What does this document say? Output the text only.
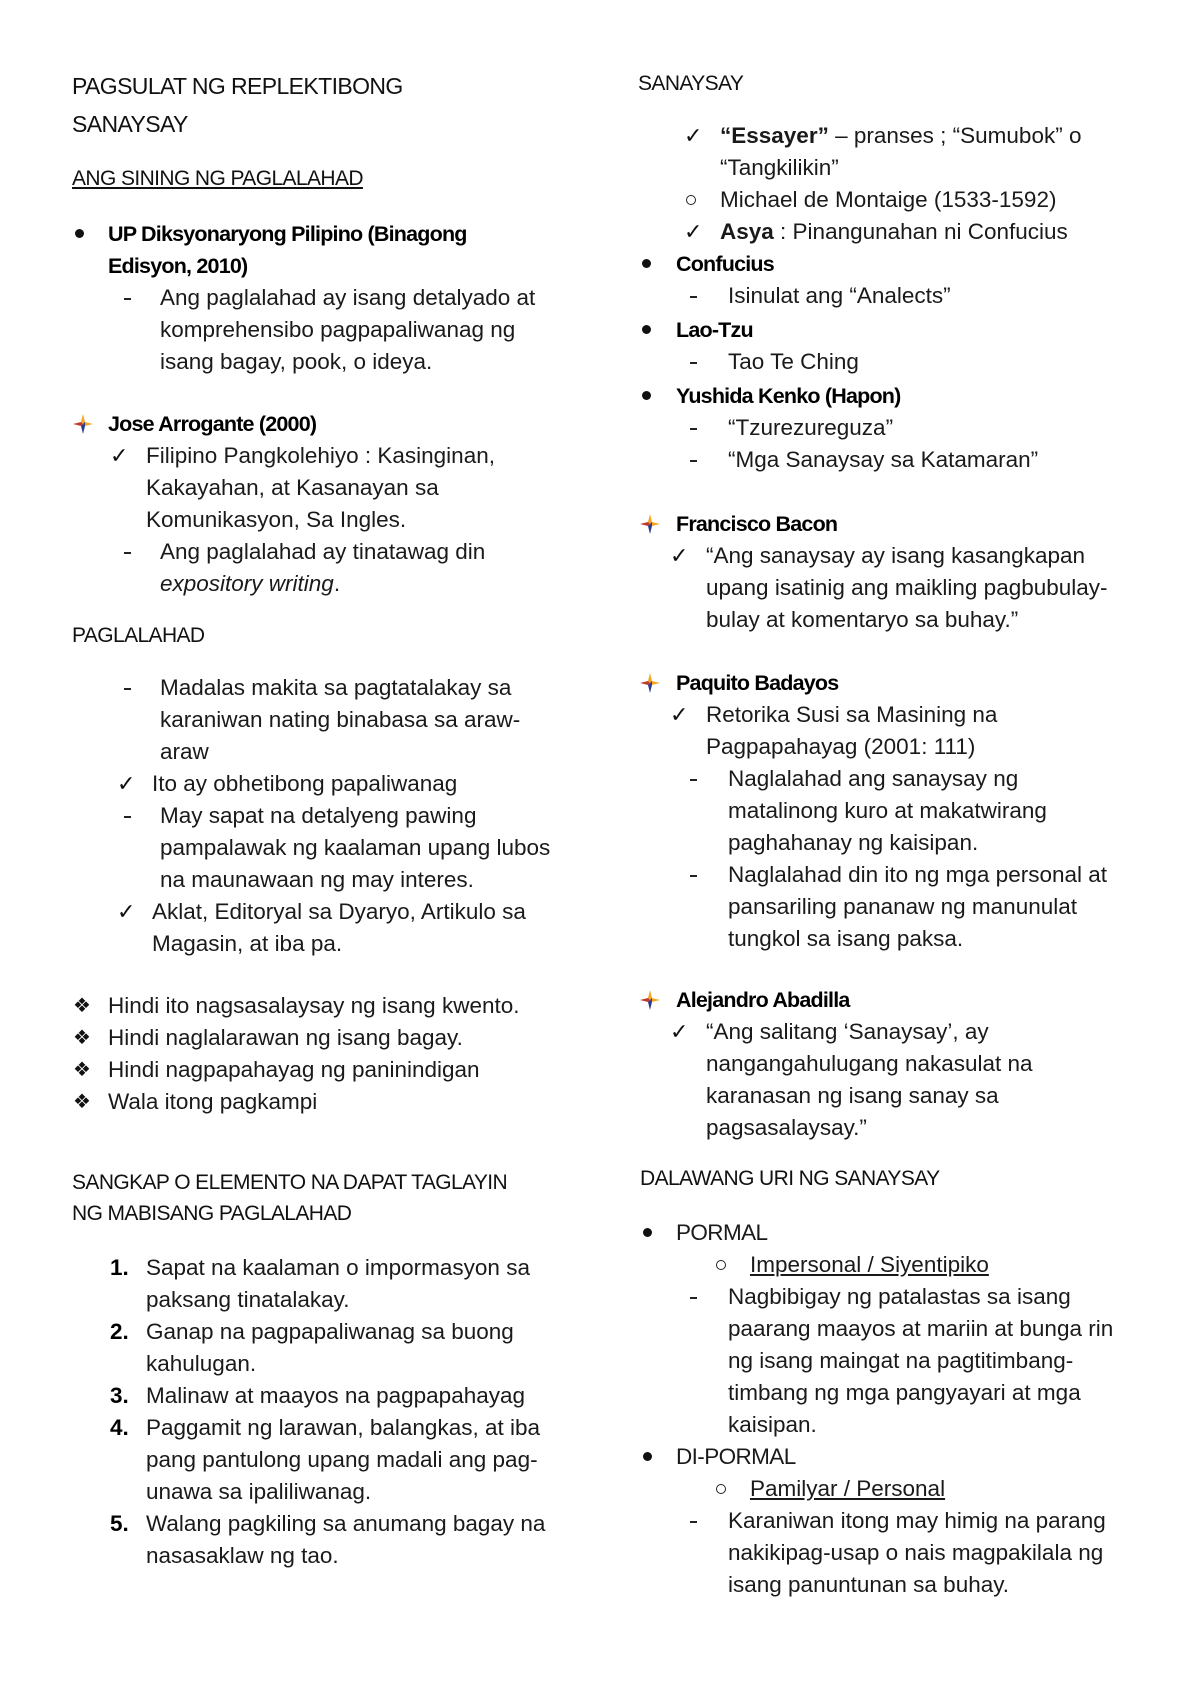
PAGSULAT NG REPLEKTIBONG
SANAYSAY
ANG SINING NG PAGLALAHAD
UP Diksyonaryong Pilipino (Binagong
Edisyon, 2010)
Ang paglalahad ay isang detalyado at
komprehensibo pagpapaliwanag ng
isang bagay, pook, o ideya.
Jose Arrogante (2000)
✓ Filipino Pangkolehiyo : Kasinginan,
Kakayahan, at Kasanayan sa
Komunikasyon, Sa Ingles.
Ang paglalahad ay tinatawag din
expository writing.
PAGLALAHAD
Madalas makita sa pagtatalakay sa
karaniwan nating binabasa sa araw-
araw
✓ Ito ay obhetibong papaliwanag
May sapat na detalyeng pawing
pampalawak ng kaalaman upang lubos
na maunawaan ng may interes.
✓ Aklat, Editoryal sa Dyaryo, Artikulo sa
Magasin, at iba pa.
❖ Hindi ito nagsasalaysay ng isang kwento.
❖ Hindi naglalarawan ng isang bagay.
❖ Hindi nagpapahayag ng paninindigan
❖ Wala itong pagkampi
SANGKAP O ELEMENTO NA DAPAT TAGLAYIN
NG MABISANG PAGLALAHAD
1. Sapat na kaalaman o impormasyon sa
paksang tinatalakay.
2. Ganap na pagpapaliwanag sa buong
kahulugan.
3. Malinaw at maayos na pagpapahayag
4. Paggamit ng larawan, balangkas, at iba
pang pantulong upang madali ang pag-
unawa sa ipaliliwanag.
5. Walang pagkiling sa anumang bagay na
nasasaklaw ng tao.
SANAYSAY
✓ “Essayer” – pranses ; “Sumubok” o
“Tangkilikin”
Michael de Montaige (1533-1592)
✓ Asya : Pinangunahan ni Confucius
Confucius
Isinulat ang “Analects”
Lao-Tzu
Tao Te Ching
Yushida Kenko (Hapon)
“Tzurezureguza”
“Mga Sanaysay sa Katamaran”
Francisco Bacon
✓ “Ang sanaysay ay isang kasangkapan
upang isatinig ang maikling pagbubulay-
bulay at komentaryo sa buhay.”
Paquito Badayos
✓ Retorika Susi sa Masining na
Pagpapahayag (2001: 111)
Naglalahad ang sanaysay ng
matalinong kuro at makatwirang
paghahanay ng kaisipan.
Naglalahad din ito ng mga personal at
pansariling pananaw ng manunulat
tungkol sa isang paksa.
Alejandro Abadilla
✓ “Ang salitang ‘Sanaysay’, ay
nangangahulugang nakasulat na
karanasan ng isang sanay sa
pagsasalaysay.”
DALAWANG URI NG SANAYSAY
PORMAL
Impersonal / Siyentipiko
Nagbibigay ng patalastas sa isang
paarang maayos at mariin at bunga rin
ng isang maingat na pagtitimbang-
timbang ng mga pangyayari at mga
kaisipan.
DI-PORMAL
Pamilyar / Personal
Karaniwan itong may himig na parang
nakikipag-usap o nais magpakilala ng
isang panuntunan sa buhay.
